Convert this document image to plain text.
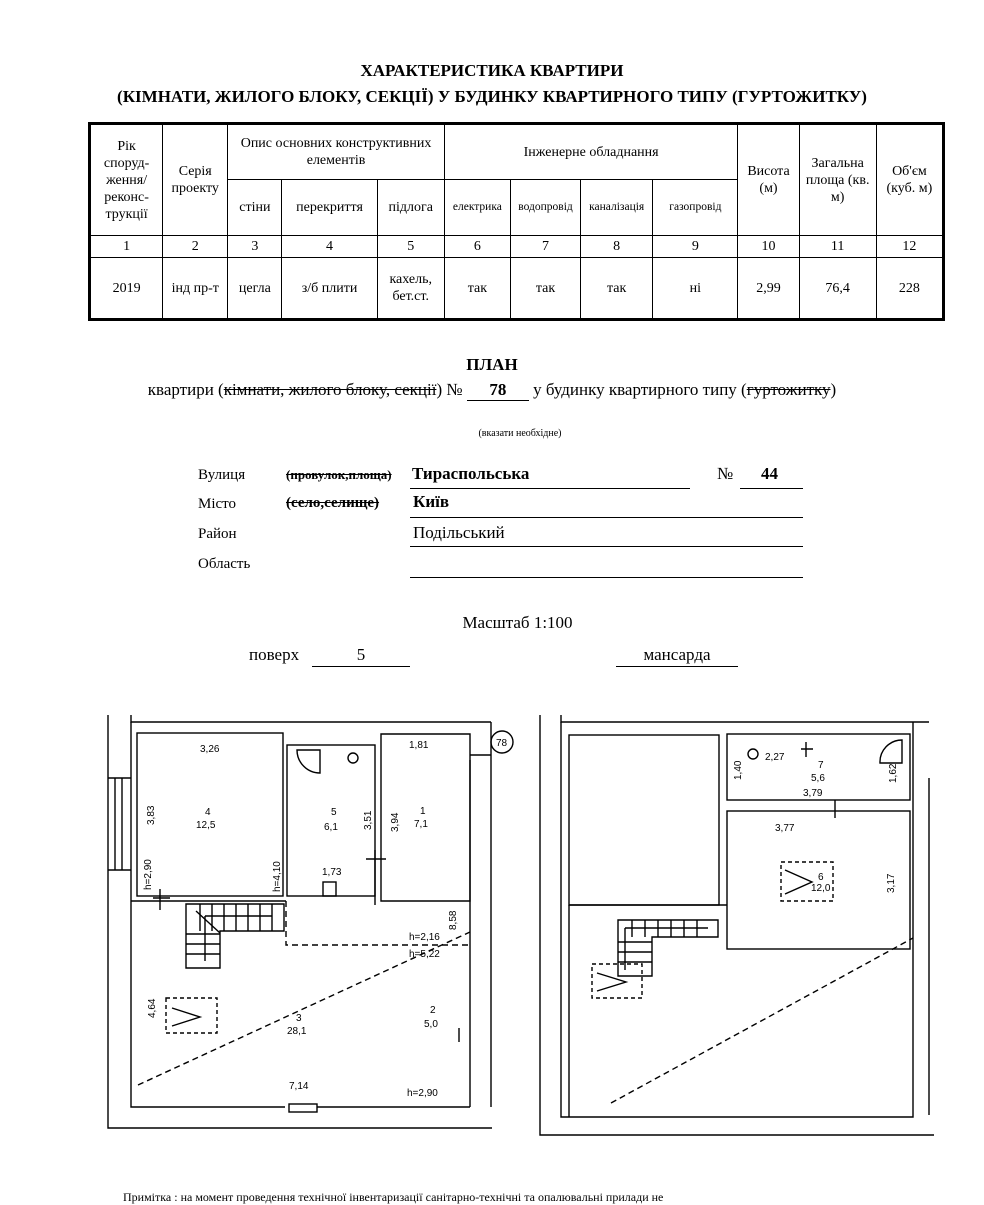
ХАРАКТЕРИСТИКА КВАРТИРИ
(КІМНАТИ, ЖИЛОГО БЛОКУ, СЕКЦІЇ) У БУДИНКУ КВАРТИРНОГО ТИПУ (ГУРТОЖИТКУ)
Рік споруд-ження/ реконс-трукції	Серія проекту	Опис основних конструктивних елементів			Інженерне обладнання				Висота (м)	Загальна площа (кв. м)	Об'єм (куб. м)
		стіни	перекриття	підлога	електрика	водопровід	каналізація	газопровід			
1	2	3	4	5	6	7	8	9	10	11	12
2019	інд пр-т	цегла	з/б плити	кахель, бет.ст.	так	так	так	ні	2,99	76,4	228
ПЛАН
квартири (кімнати, жилого блоку, секції) № 78 у будинку квартирного типу (гуртожитку)
(вказати необхідне)
Вулиця	(провулок,площа) Тираспольська	№ 44
Місто	(село,селище) Київ
Район	Подільський
Область
Масштаб 1:100
поверх	5	мансарда
3,26
3,83	4
12,5
h=2,90	h=4,10
5
6,1	3,51
1,73
1,81
3,94
1
7,1
8,58
h=2,16
h=5,22
4,64
3
28,1
2
5,0
7,14
h=2,90
78
2,27
1,40	7
5,6	1,62
3,79
3,77
6
12,0	3,17
Примітка : на момент проведення технічної інвентаризації санітарно-технічні та опалювальні прилади не
